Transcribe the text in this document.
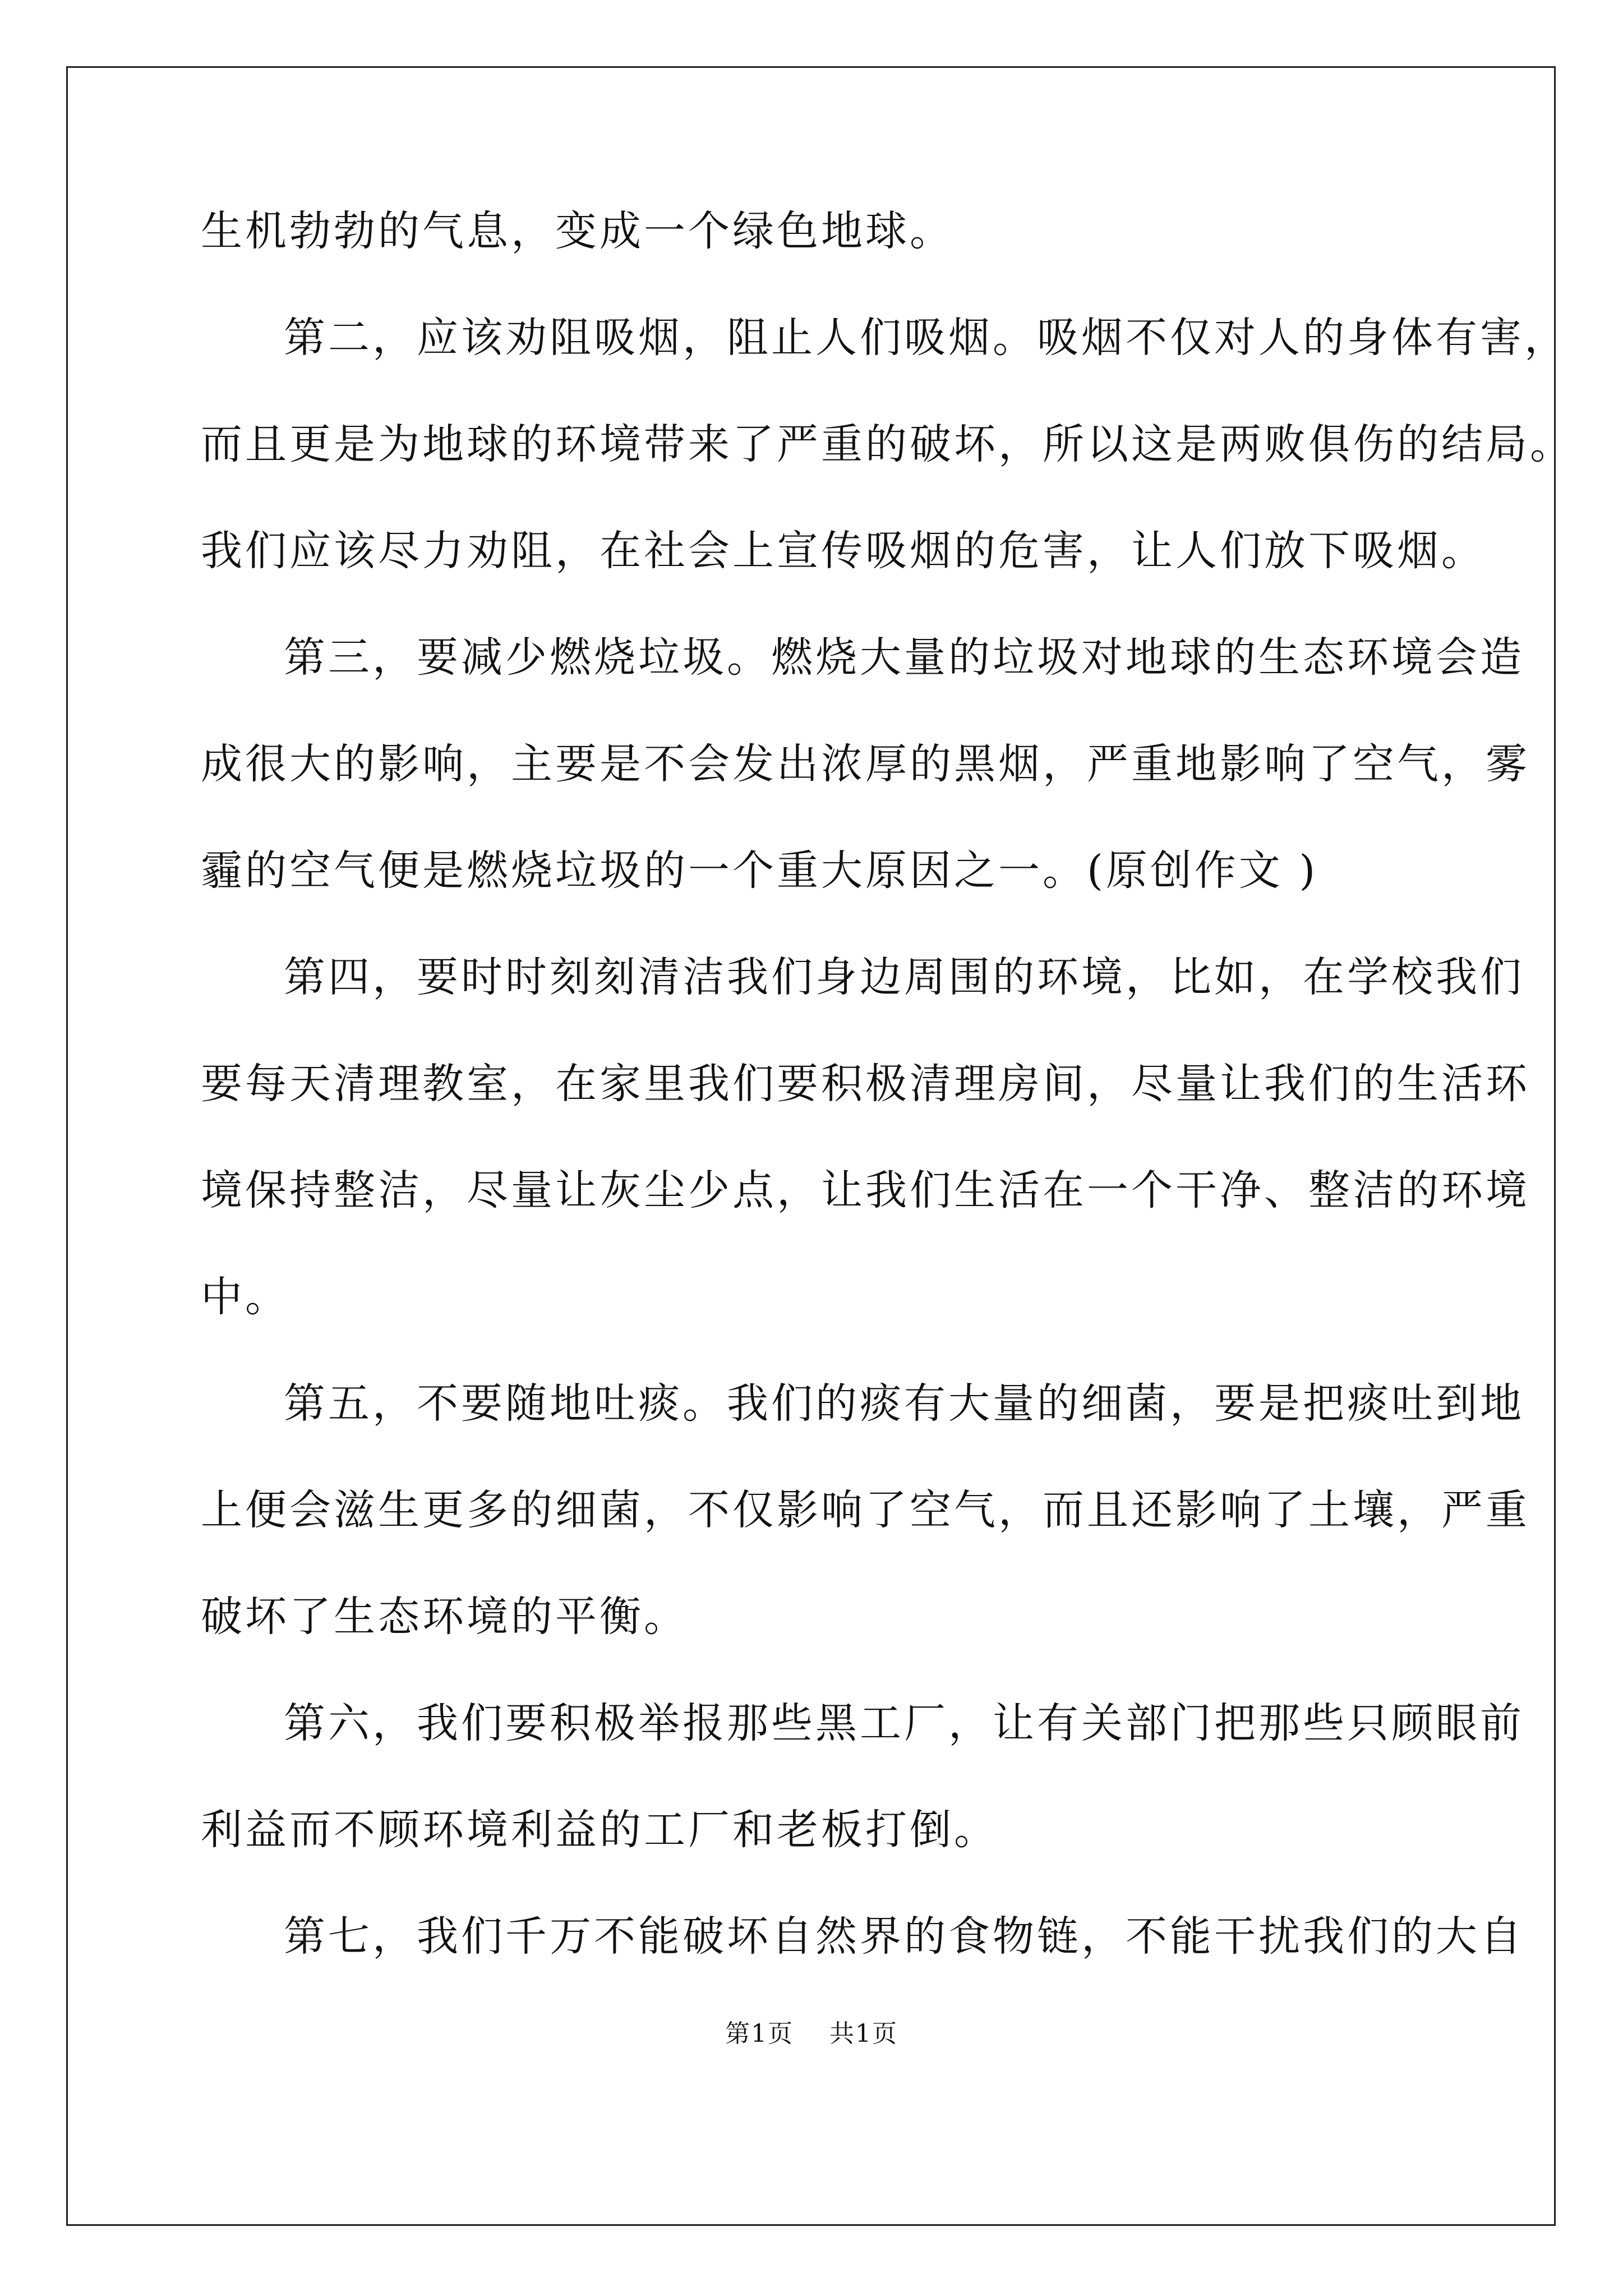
生机勃勃的气息，变成一个绿色地球。
第二，应该劝阻吸烟，阻止人们吸烟。吸烟不仅对人的身体有害，
而且更是为地球的环境带来了严重的破坏，所以这是两败俱伤的结局。
我们应该尽力劝阻，在社会上宣传吸烟的危害，让人们放下吸烟。
第三，要减少燃烧垃圾。燃烧大量的垃圾对地球的生态环境会造
成很大的影响，主要是不会发出浓厚的黑烟，严重地影响了空气，雾
霾的空气便是燃烧垃圾的一个重大原因之一。(原创作文 )
第四，要时时刻刻清洁我们身边周围的环境，比如，在学校我们
要每天清理教室，在家里我们要积极清理房间，尽量让我们的生活环
境保持整洁，尽量让灰尘少点，让我们生活在一个干净、整洁的环境
中。
第五，不要随地吐痰。我们的痰有大量的细菌，要是把痰吐到地
上便会滋生更多的细菌，不仅影响了空气，而且还影响了土壤，严重
破坏了生态环境的平衡。
第六，我们要积极举报那些黑工厂，让有关部门把那些只顾眼前
利益而不顾环境利益的工厂和老板打倒。
第七，我们千万不能破坏自然界的食物链，不能干扰我们的大自
第1页 共1页
